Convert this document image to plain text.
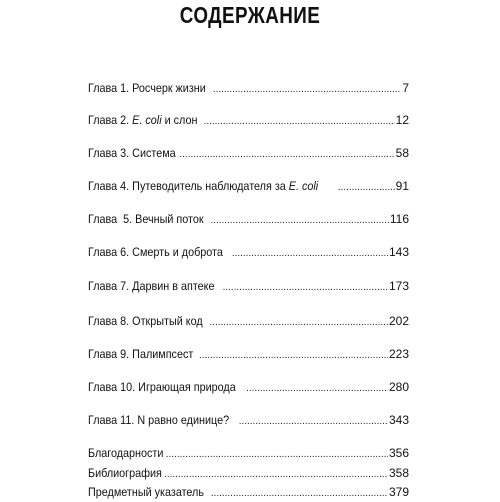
СОДЕРЖАНИЕ
Глава 1. Росчерк жизни . . .	7
Глава 2. E. coli и слон . . .	12
Глава 3. Система . . .	58
Глава 4. Путеводитель наблюдателя за E. coli . . .	91
Глава  5. Вечный поток . . .	116
Глава 6. Смерть и доброта . . .	143
Глава 7. Дарвин в аптеке . . .	173
Глава 8. Открытый код . . .	202
Глава 9. Палимпсест . . .	223
Глава 10. Играющая природа . . .	280
Глава 11. N равно единице? . . .	343
Благодарности . . .	356
Библиография . . .	358
Предметный указатель . . .	379
